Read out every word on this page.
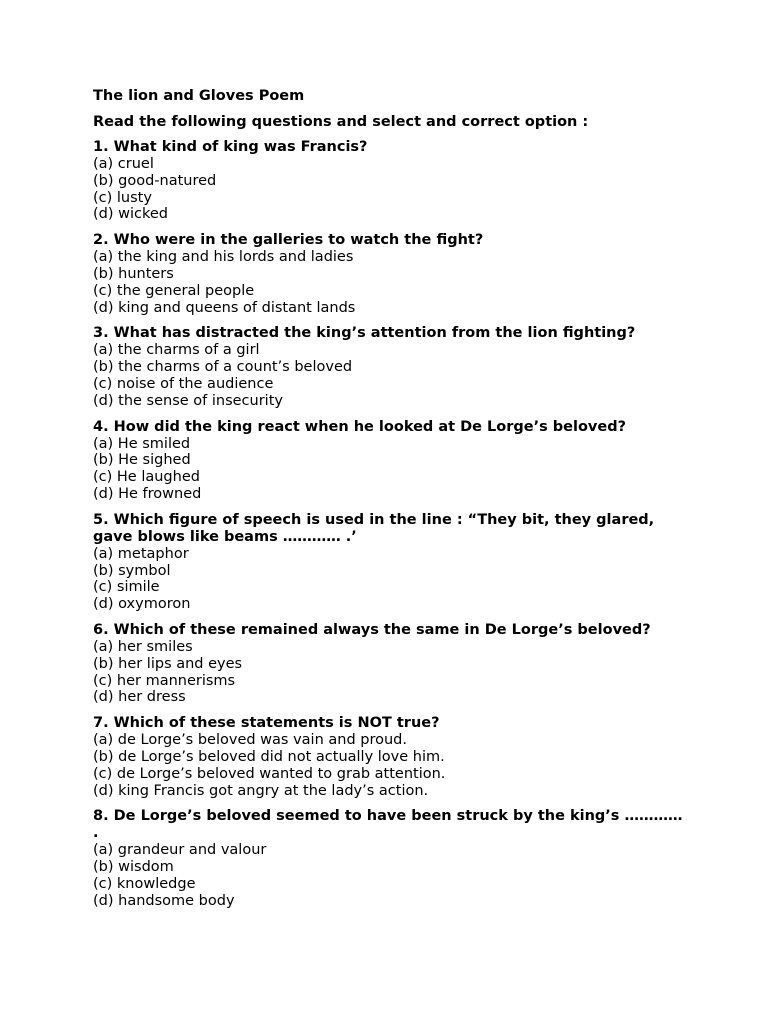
The lion and Gloves Poem
Read the following questions and select and correct option :

1. What kind of king was Francis?

(a) cruel
(b) good-natured
(c) lusty
(d) wicked

2. Who were in the galleries to watch the fight?

(a) the king and his lords and ladies
(b) hunters
(c) the general people
(d) king and queens of distant lands

3. What has distracted the king’s attention from the lion fighting?

(a) the charms of a girl
(b) the charms of a count’s beloved
(c) noise of the audience
(d) the sense of insecurity

4. How did the king react when he looked at De Lorge’s beloved?

(a) He smiled
(b) He sighed
(c) He laughed
(d) He frowned

5. Which figure of speech is used in the line : “They bit, they glared, gave blows like beams ………… .’

(a) metaphor
(b) symbol
(c) simile
(d) oxymoron

6. Which of these remained always the same in De Lorge’s beloved?

(a) her smiles
(b) her lips and eyes
(c) her mannerisms
(d) her dress

7. Which of these statements is NOT true?

(a) de Lorge’s beloved was vain and proud.
(b) de Lorge’s beloved did not actually love him.
(c) de Lorge’s beloved wanted to grab attention.
(d) king Francis got angry at the lady’s action.

8. De Lorge’s beloved seemed to have been struck by the king’s ………… .

(a) grandeur and valour
(b) wisdom
(c) knowledge
(d) handsome body
